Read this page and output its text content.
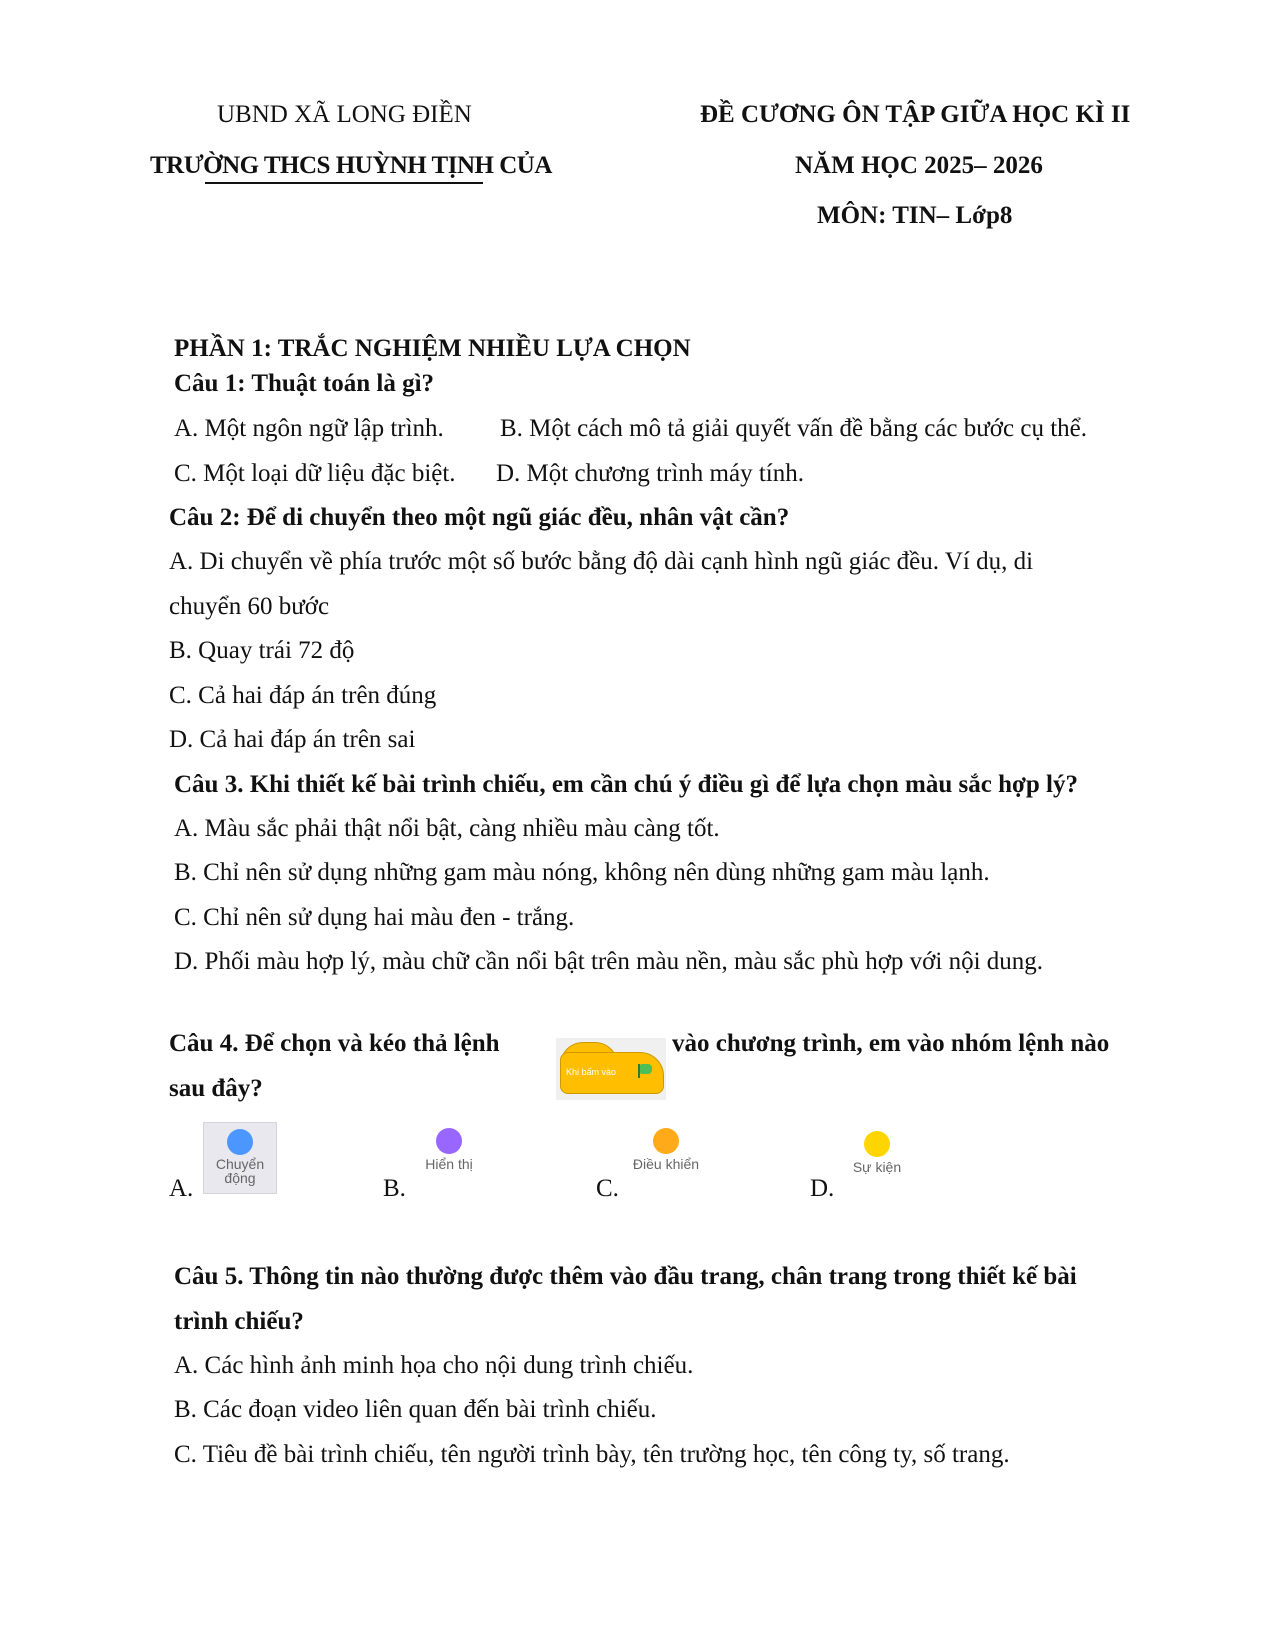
UBND XÃ LONG ĐIỀN
TRƯỜNG THCS HUỲNH TỊNH CỦA
ĐỀ CƯƠNG ÔN TẬP GIỮA HỌC KÌ II
NĂM HỌC 2025– 2026
MÔN: TIN– Lớp8
PHẦN 1: TRẮC NGHIỆM NHIỀU LỰA CHỌN
Câu 1: Thuật toán là gì?
A. Một ngôn ngữ lập trình. B. Một cách mô tả giải quyết vấn đề bằng các bước cụ thể.
C. Một loại dữ liệu đặc biệt. D. Một chương trình máy tính.
Câu 2: Để di chuyển theo một ngũ giác đều, nhân vật cần?
A. Di chuyển về phía trước một số bước bằng độ dài cạnh hình ngũ giác đều. Ví dụ, di
chuyển 60 bước
B. Quay trái 72 độ
C. Cả hai đáp án trên đúng
D. Cả hai đáp án trên sai
Câu 3. Khi thiết kế bài trình chiếu, em cần chú ý điều gì để lựa chọn màu sắc hợp lý?
A. Màu sắc phải thật nổi bật, càng nhiều màu càng tốt.
B. Chỉ nên sử dụng những gam màu nóng, không nên dùng những gam màu lạnh.
C. Chỉ nên sử dụng hai màu đen - trắng.
D. Phối màu hợp lý, màu chữ cần nổi bật trên màu nền, màu sắc phù hợp với nội dung.
Câu 4. Để chọn và kéo thả lệnh
Khi bấm vào
vào chương trình, em vào nhóm lệnh nào
sau đây?
A.
Chuyển
động	B.
Hiển thị
C.
Điều khiển
D.
Sự kiện
Câu 5. Thông tin nào thường được thêm vào đầu trang, chân trang trong thiết kế bài
trình chiếu?
A. Các hình ảnh minh họa cho nội dung trình chiếu.
B. Các đoạn video liên quan đến bài trình chiếu.
C. Tiêu đề bài trình chiếu, tên người trình bày, tên trường học, tên công ty, số trang.
